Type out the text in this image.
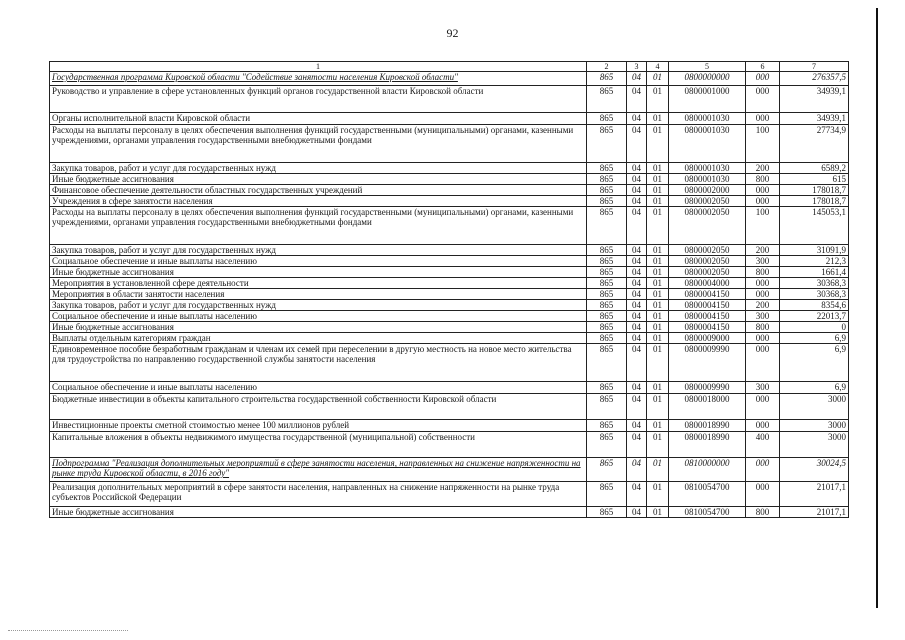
92
1	2	3	4	5	6	7
Государственная программа Кировской области "Содействие занятости населения Кировской области"	865	04	01	0800000000	000	276357,5
Руководство и управление в сфере установленных функций органов государственной власти Кировской области	865	04	01	0800001000	000	34939,1
Органы исполнительной власти Кировской области	865	04	01	0800001030	000	34939,1
Расходы на выплаты персоналу в целях обеспечения выполнения функций государственными (муниципальными) органами, казенными учреждениями, органами управления государственными внебюджетными фондами	865	04	01	0800001030	100	27734,9
Закупка товаров, работ и услуг для государственных нужд	865	04	01	0800001030	200	6589,2
Иные бюджетные ассигнования	865	04	01	0800001030	800	615
Финансовое обеспечение деятельности областных государственных учреждений	865	04	01	0800002000	000	178018,7
Учреждения в сфере занятости населения	865	04	01	0800002050	000	178018,7
Расходы на выплаты персоналу в целях обеспечения выполнения функций государственными (муниципальными) органами, казенными учреждениями, органами управления государственными внебюджетными фондами	865	04	01	0800002050	100	145053,1
Закупка товаров, работ и услуг для государственных нужд	865	04	01	0800002050	200	31091,9
Социальное обеспечение и иные выплаты населению	865	04	01	0800002050	300	212,3
Иные бюджетные ассигнования	865	04	01	0800002050	800	1661,4
Мероприятия в установленной сфере деятельности	865	04	01	0800004000	000	30368,3
Мероприятия в области занятости населения	865	04	01	0800004150	000	30368,3
Закупка товаров, работ и услуг для государственных нужд	865	04	01	0800004150	200	8354,6
Социальное обеспечение и иные выплаты населению	865	04	01	0800004150	300	22013,7
Иные бюджетные ассигнования	865	04	01	0800004150	800	0
Выплаты отдельным категориям граждан	865	04	01	0800009000	000	6,9
Единовременное пособие безработным гражданам и членам их семей при переселении в другую местность на новое место жительства для трудоустройства по направлению государственной службы занятости населения	865	04	01	0800009990	000	6,9
Социальное обеспечение и иные выплаты населению	865	04	01	0800009990	300	6,9
Бюджетные инвестиции в объекты капитального строительства государственной собственности Кировской области	865	04	01	0800018000	000	3000
Инвестиционные проекты сметной стоимостью менее 100 миллионов рублей	865	04	01	0800018990	000	3000
Капитальные вложения в объекты недвижимого имущества государственной (муниципальной) собственности	865	04	01	0800018990	400	3000
Подпрограмма "Реализация дополнительных мероприятий в сфере занятости населения, направленных на снижение напряженности на рынке труда Кировской области, в 2016 году"	865	04	01	0810000000	000	30024,5
Реализация дополнительных мероприятий в сфере занятости населения, направленных на снижение напряженности на рынке труда субъектов Российской Федерации	865	04	01	0810054700	000	21017,1
Иные бюджетные ассигнования	865	04	01	0810054700	800	21017,1
